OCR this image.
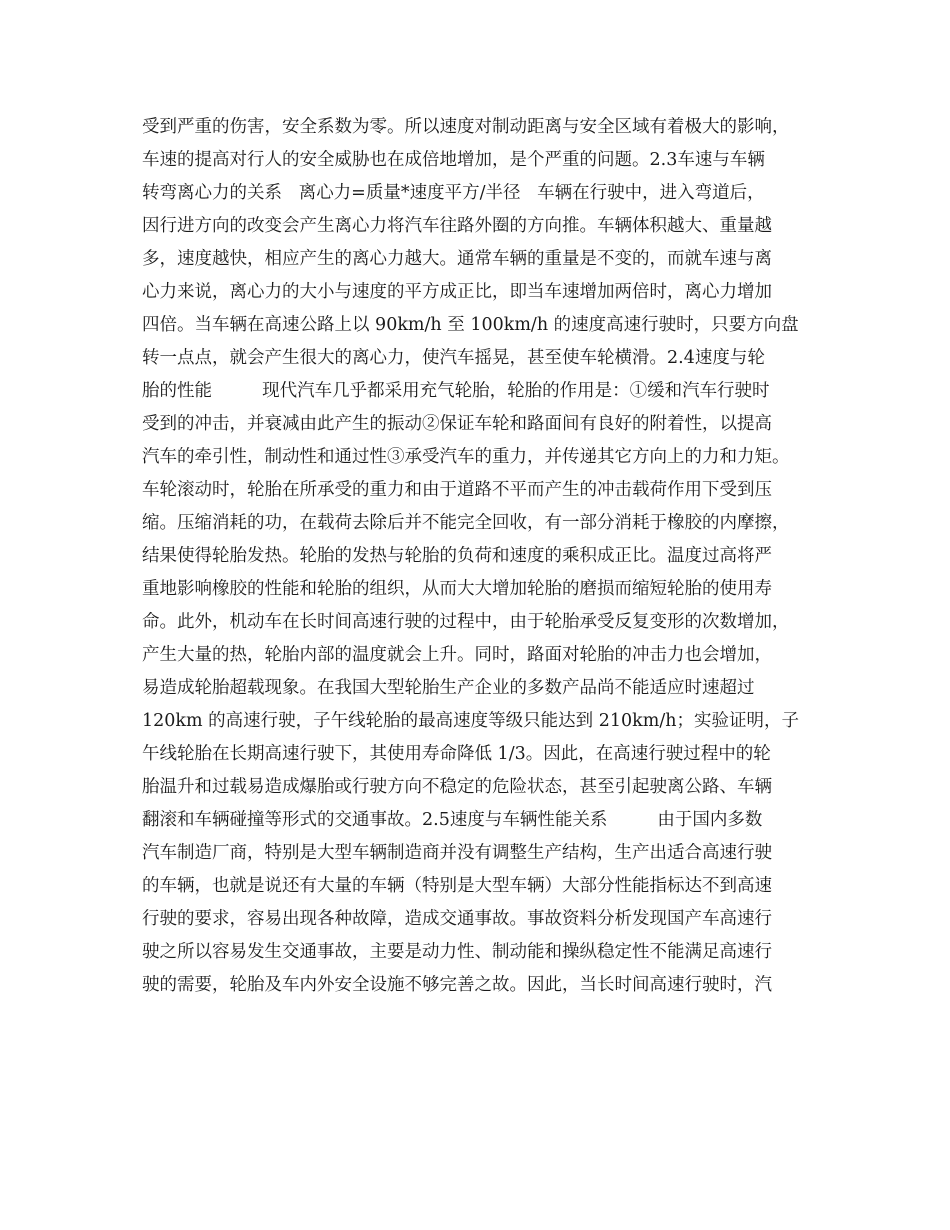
受到严重的伤害，安全系数为零。所以速度对制动距离与安全区域有着极大的影响，
车速的提高对行人的安全威胁也在成倍地增加，是个严重的问题。2.3车速与车辆
转弯离心力的关系   离心力=质量*速度平方/半径   车辆在行驶中，进入弯道后，
因行进方向的改变会产生离心力将汽车往路外圈的方向推。车辆体积越大、重量越
多，速度越快，相应产生的离心力越大。通常车辆的重量是不变的，而就车速与离
心力来说，离心力的大小与速度的平方成正比，即当车速增加两倍时，离心力增加
四倍。当车辆在高速公路上以 90km/h 至 100km/h 的速度高速行驶时，只要方向盘
转一点点，就会产生很大的离心力，使汽车摇晃，甚至使车轮横滑。2.4速度与轮
胎的性能         现代汽车几乎都采用充气轮胎，轮胎的作用是：①缓和汽车行驶时
受到的冲击，并衰减由此产生的振动②保证车轮和路面间有良好的附着性，以提高
汽车的牵引性，制动性和通过性③承受汽车的重力，并传递其它方向上的力和力矩。
车轮滚动时，轮胎在所承受的重力和由于道路不平而产生的冲击载荷作用下受到压
缩。压缩消耗的功，在载荷去除后并不能完全回收，有一部分消耗于橡胶的内摩擦，
结果使得轮胎发热。轮胎的发热与轮胎的负荷和速度的乘积成正比。温度过高将严
重地影响橡胶的性能和轮胎的组织，从而大大增加轮胎的磨损而缩短轮胎的使用寿
命。此外，机动车在长时间高速行驶的过程中，由于轮胎承受反复变形的次数增加，
产生大量的热，轮胎内部的温度就会上升。同时，路面对轮胎的冲击力也会增加，
易造成轮胎超载现象。在我国大型轮胎生产企业的多数产品尚不能适应时速超过
120km 的高速行驶，子午线轮胎的最高速度等级只能达到 210km/h；实验证明，子
午线轮胎在长期高速行驶下，其使用寿命降低 1/3。因此，在高速行驶过程中的轮
胎温升和过载易造成爆胎或行驶方向不稳定的危险状态，甚至引起驶离公路、车辆
翻滚和车辆碰撞等形式的交通事故。2.5速度与车辆性能关系         由于国内多数
汽车制造厂商，特别是大型车辆制造商并没有调整生产结构，生产出适合高速行驶
的车辆，也就是说还有大量的车辆（特别是大型车辆）大部分性能指标达不到高速
行驶的要求，容易出现各种故障，造成交通事故。事故资料分析发现国产车高速行
驶之所以容易发生交通事故，主要是动力性、制动能和操纵稳定性不能满足高速行
驶的需要，轮胎及车内外安全设施不够完善之故。因此，当长时间高速行驶时，汽
